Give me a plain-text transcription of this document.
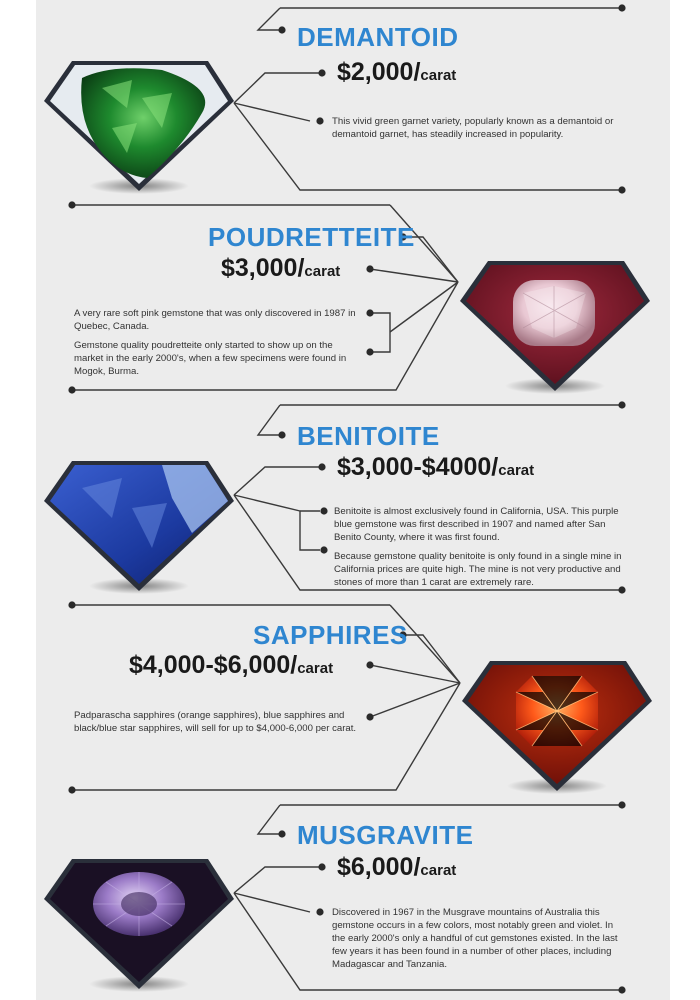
DEMANTOID
$2,000/carat

This vivid green garnet variety, popularly known as a demantoid or demantoid garnet, has steadily increased in popularity.

POUDRETTEITE
$3,000/carat

A very rare soft pink gemstone that was only discovered in 1987 in Quebec, Canada.

Gemstone quality poudretteite only started to show up on the market in the early 2000's, when a few specimens were found in Mogok, Burma.

BENITOITE
$3,000-$4000/carat

Benitoite is almost exclusively found in California, USA. This purple blue gemstone was first described in 1907 and named after San Benito County, where it was first found.

Because gemstone quality benitoite is only found in a single mine in California prices are quite high. The mine is not very productive and stones of more than 1 carat are extremely rare.

SAPPHIRES
$4,000-$6,000/carat

Padparascha sapphires (orange sapphires), blue sapphires and black/blue star sapphires, will sell for up to $4,000-6,000 per carat.

MUSGRAVITE
$6,000/carat

Discovered in 1967 in the Musgrave mountains of Australia this gemstone occurs in a few colors, most notably green and violet. In the early 2000's only a handful of cut gemstones existed. In the last few years it has been found in a number of other places, including Madagascar and Tanzania.
